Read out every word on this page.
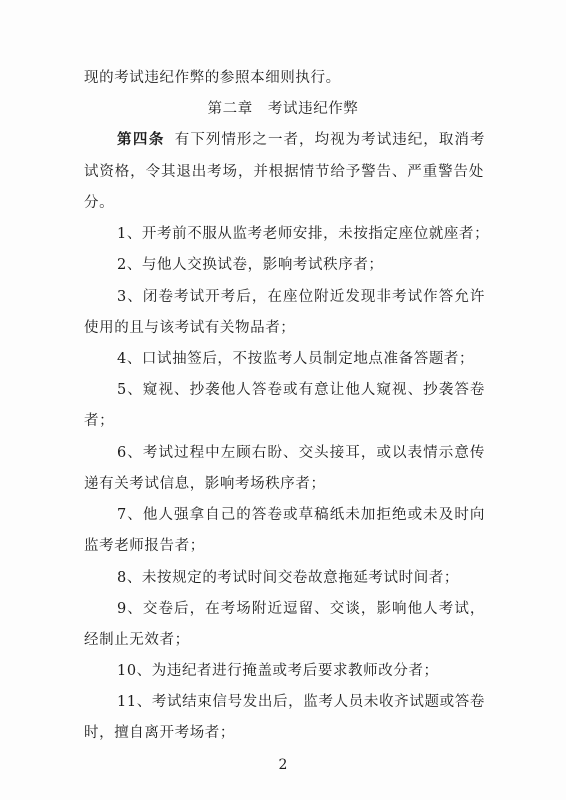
现的考试违纪作弊的参照本细则执行。
第二章　考试违纪作弊
第四条 有下列情形之一者，均视为考试违纪，取消考
试资格，令其退出考场，并根据情节给予警告、严重警告处
分。
1、开考前不服从监考老师安排，未按指定座位就座者；
2、与他人交换试卷，影响考试秩序者；
3、闭卷考试开考后，在座位附近发现非考试作答允许
使用的且与该考试有关物品者；
4、口试抽签后，不按监考人员制定地点准备答题者；
5、窥视、抄袭他人答卷或有意让他人窥视、抄袭答卷
者；
6、考试过程中左顾右盼、交头接耳，或以表情示意传
递有关考试信息，影响考场秩序者；
7、他人强拿自己的答卷或草稿纸未加拒绝或未及时向
监考老师报告者；
8、未按规定的考试时间交卷故意拖延考试时间者；
9、交卷后，在考场附近逗留、交谈，影响他人考试，
经制止无效者；
10、为违纪者进行掩盖或考后要求教师改分者；
11、考试结束信号发出后，监考人员未收齐试题或答卷
时，擅自离开考场者；
2
